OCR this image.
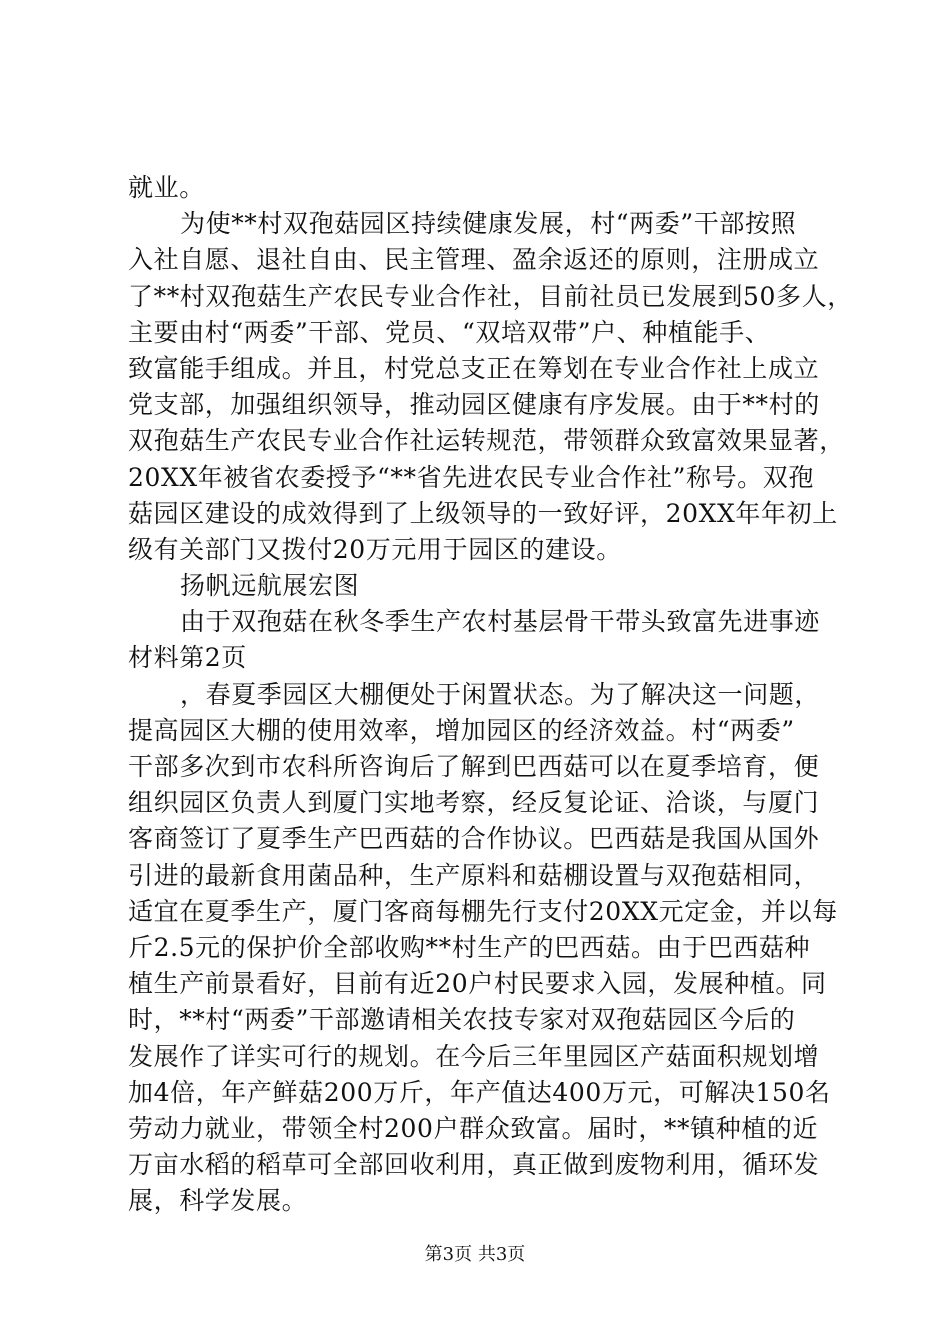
就业。
为使**村双孢菇园区持续健康发展，村“两委”干部按照
入社自愿、退社自由、民主管理、盈余返还的原则，注册成立
了**村双孢菇生产农民专业合作社，目前社员已发展到50多人，
主要由村“两委”干部、党员、“双培双带”户、种植能手、
致富能手组成。并且，村党总支正在筹划在专业合作社上成立
党支部，加强组织领导，推动园区健康有序发展。由于**村的
双孢菇生产农民专业合作社运转规范，带领群众致富效果显著，
20XX年被省农委授予“**省先进农民专业合作社”称号。双孢
菇园区建设的成效得到了上级领导的一致好评，20XX年年初上
级有关部门又拨付20万元用于园区的建设。
扬帆远航展宏图
由于双孢菇在秋冬季生产农村基层骨干带头致富先进事迹
材料第2页
，春夏季园区大棚便处于闲置状态。为了解决这一问题，
提高园区大棚的使用效率，增加园区的经济效益。村“两委”
干部多次到市农科所咨询后了解到巴西菇可以在夏季培育，便
组织园区负责人到厦门实地考察，经反复论证、洽谈，与厦门
客商签订了夏季生产巴西菇的合作协议。巴西菇是我国从国外
引进的最新食用菌品种，生产原料和菇棚设置与双孢菇相同，
适宜在夏季生产，厦门客商每棚先行支付20XX元定金，并以每
斤2.5元的保护价全部收购**村生产的巴西菇。由于巴西菇种
植生产前景看好，目前有近20户村民要求入园，发展种植。同
时，**村“两委”干部邀请相关农技专家对双孢菇园区今后的
发展作了详实可行的规划。在今后三年里园区产菇面积规划增
加4倍，年产鲜菇200万斤，年产值达400万元，可解决150名
劳动力就业，带领全村200户群众致富。届时，**镇种植的近
万亩水稻的稻草可全部回收利用，真正做到废物利用，循环发
展，科学发展。
第3页 共3页
